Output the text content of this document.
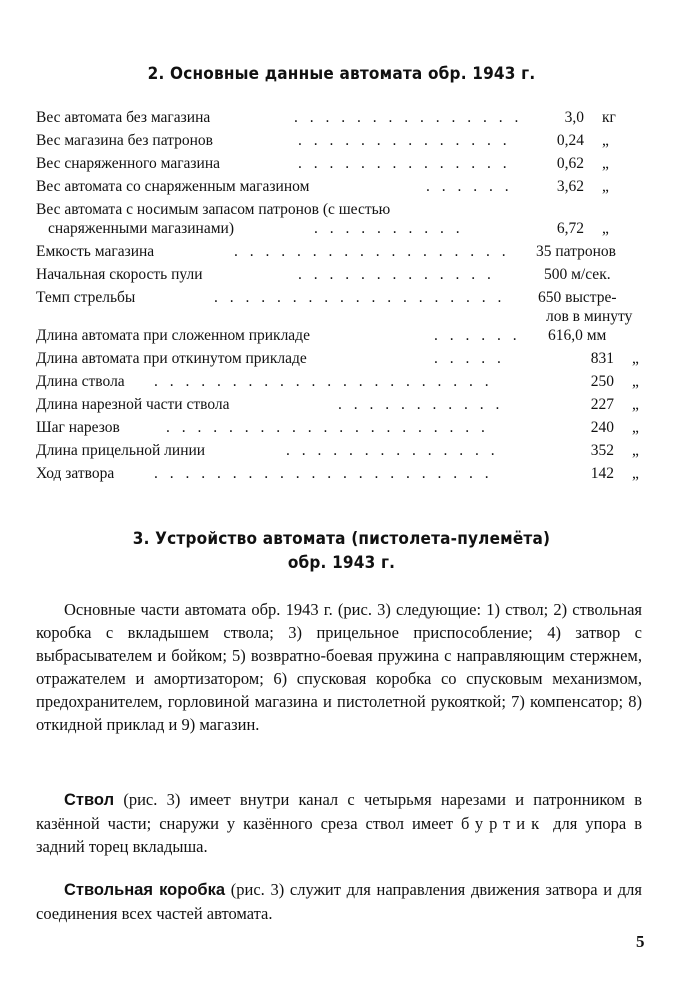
2. Основные данные автомата обр. 1943 г.
Вес автомата без магазина	. . . . . . . . . . . . . . .	3,0 кг
Вес магазина без патронов	. . . . . . . . . . . . . .	0,24 „
Вес снаряженного магазина	. . . . . . . . . . . . . .	0,62 „
Вес автомата со снаряженным магазином	. . . . . .	3,62 „
Вес автомата с носимым запасом патронов (с шестью
снаряженными магазинами)	. . . . . . . . . .	6,72 „
Емкость магазина	. . . . . . . . . . . . . . . . . . 35 патронов
Начальная скорость пули	. . . . . . . . . . . . .	500 м/сек.
Темп стрельбы	. . . . . . . . . . . . . . . . . . . 650 выстре-
лов в минуту
Длина автомата при сложенном прикладе	. . . . . . 616,0 мм
Длина автомата при откинутом прикладе	. . . . .	831 „
Длина ствола . . . . . . . . . . . . . . . . . . . . . .	250 „
Длина нарезной части ствола	. . . . . . . . . . .	227 „
Шаг нарезов	. . . . . . . . . . . . . . . . . . . . .	240 „
Длина прицельной линии	. . . . . . . . . . . . . .	352 „
Ход затвора	. . . . . . . . . . . . . . . . . . . . . .	142 „
3. Устройство автомата (пистолета-пулемёта)
обр. 1943 г.
Основные части автомата обр. 1943 г. (рис. 3) следующие: 1) ствол; 2) ствольная коробка с вкладышем ствола; 3) прицельное приспособление; 4) затвор с выбрасывателем и бойком; 5) возвратно-боевая пружина с направляющим стержнем, отражателем и амортизатором; 6) спусковая коробка со спусковым механизмом, предохранителем, горловиной магазина и пистолетной рукояткой; 7) компенсатор; 8) откидной приклад и 9) магазин.
Ствол (рис. 3) имеет внутри канал с четырьмя нарезами и патронником в казённой части; снаружи у казённого среза ствол имеет буртик для упора в задний торец вкладыша.
Ствольная коробка (рис. 3) служит для направления движения затвора и для соединения всех частей автомата.
5
